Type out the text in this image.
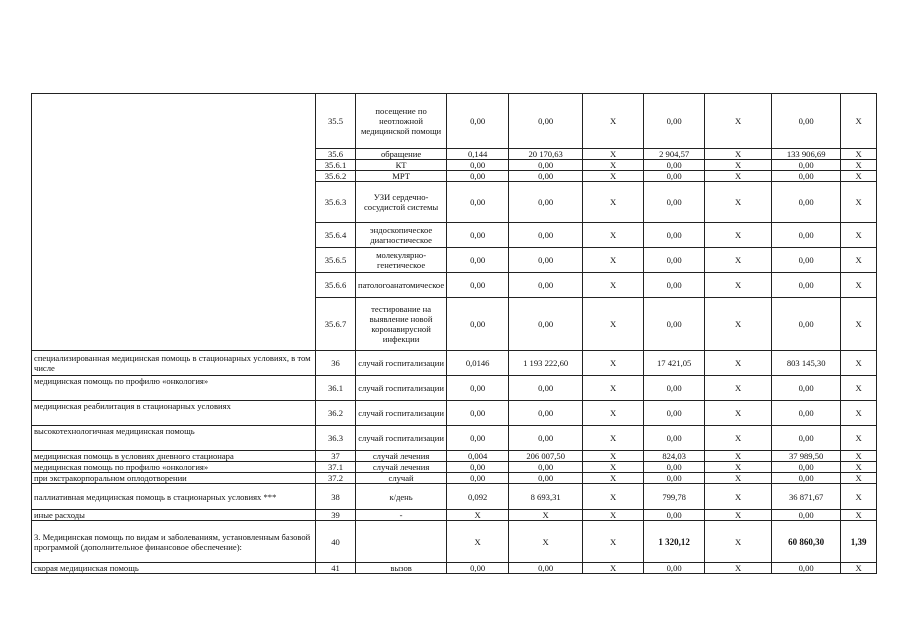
	35.5	посещение по неотложной медицинской помощи	0,00	0,00	Х	0,00	Х	0,00	Х
	35.6	обращение	0,144	20 170,63	Х	2 904,57	Х	133 906,69	Х
	35.6.1	КТ	0,00	0,00	Х	0,00	Х	0,00	Х
	35.6.2	МРТ	0,00	0,00	Х	0,00	Х	0,00	Х
	35.6.3	УЗИ сердечно-сосудистой системы	0,00	0,00	Х	0,00	Х	0,00	Х
	35.6.4	эндоскопическое диагностическое	0,00	0,00	Х	0,00	Х	0,00	Х
	35.6.5	молекулярно-генетическое	0,00	0,00	Х	0,00	Х	0,00	Х
	35.6.6	патологоанатомическое	0,00	0,00	Х	0,00	Х	0,00	Х
	35.6.7	тестирование на выявление новой коронавирусной инфекции	0,00	0,00	Х	0,00	Х	0,00	Х
специализированная медицинская помощь в стационарных условиях, в том числе	36	случай госпитализации	0,0146	1 193 222,60	Х	17 421,05	Х	803 145,30	Х
медицинская помощь по профилю «онкология»	36.1	случай госпитализации	0,00	0,00	Х	0,00	Х	0,00	Х
медицинская реабилитация в стационарных условиях	36.2	случай госпитализации	0,00	0,00	Х	0,00	Х	0,00	Х
высокотехнологичная медицинская помощь	36.3	случай госпитализации	0,00	0,00	Х	0,00	Х	0,00	Х
медицинская помощь в условиях дневного стационара	37	случай лечения	0,004	206 007,50	Х	824,03	Х	37 989,50	Х
медицинская помощь по профилю «онкология»	37.1	случай лечения	0,00	0,00	Х	0,00	Х	0,00	Х
при экстракорпоральном оплодотворении	37.2	случай	0,00	0,00	Х	0,00	Х	0,00	Х
паллиативная медицинская помощь в стационарных условиях ***	38	к/день	0,092	8 693,31	Х	799,78	Х	36 871,67	Х
иные расходы	39	-	Х	Х	Х	0,00	Х	0,00	Х
3. Медицинская помощь по видам и заболеваниям, установленным базовой программой (дополнительное финансовое обеспечение):	40		Х	Х	Х	1 320,12	Х	60 860,30	1,39
скорая медицинская помощь	41	вызов	0,00	0,00	Х	0,00	Х	0,00	Х
